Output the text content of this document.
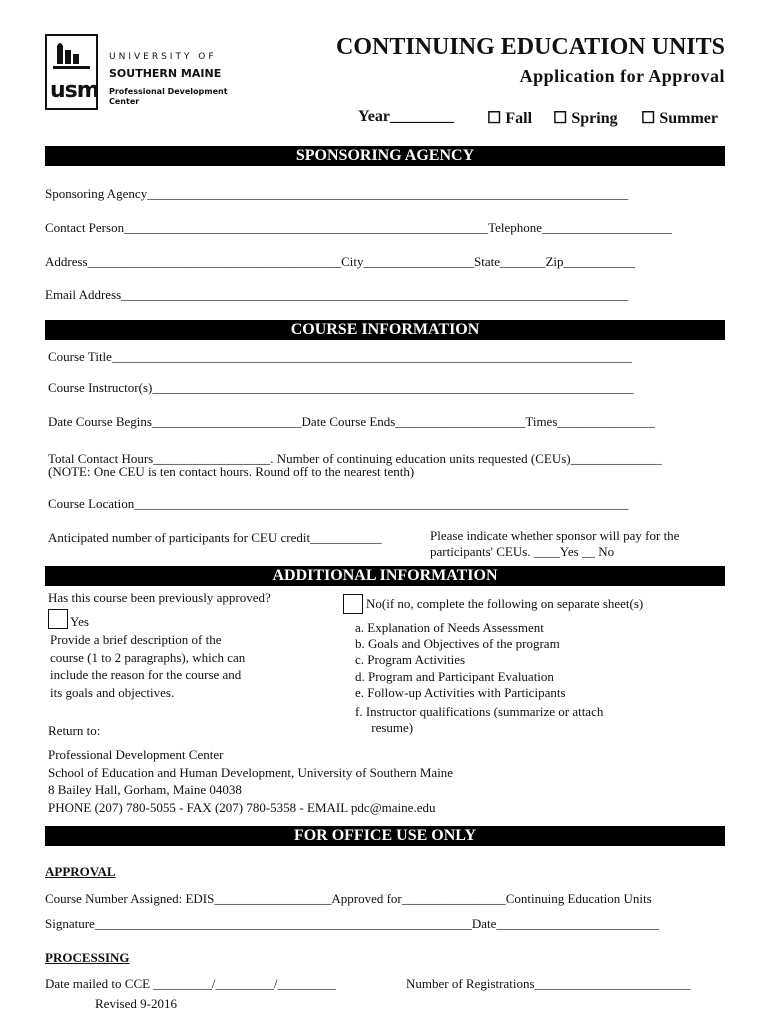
usm
UNIVERSITY OF
SOUTHERN MAINE
Professional Development
Center
CONTINUING EDUCATION UNITS
Application for Approval
Year________ ☐ Fall ☐ Spring ☐ Summer
SPONSORING AGENCY
Sponsoring Agency__________________________________________________________________________
Contact Person________________________________________________________Telephone____________________
Address_______________________________________City_________________State_______Zip___________
Email Address______________________________________________________________________________
COURSE INFORMATION
Course Title________________________________________________________________________________
Course Instructor(s)__________________________________________________________________________
Date Course Begins_______________________Date Course Ends____________________Times_______________
Total Contact Hours__________________. Number of continuing education units requested (CEUs)______________
(NOTE: One CEU is ten contact hours. Round off to the nearest tenth)
Course Location____________________________________________________________________________
Anticipated number of participants for CEU credit___________	Please indicate whether sponsor will pay for the
participants' CEUs. ____Yes __ No
ADDITIONAL INFORMATION
Has this course been previously approved?
Yes
No(if no, complete the following on separate sheet(s)
Provide a brief description of the
course (1 to 2 paragraphs), which can
include the reason for the course and
its goals and objectives.
a. Explanation of Needs Assessment
b. Goals and Objectives of the program
c. Program Activities
d. Program and Participant Evaluation
e. Follow-up Activities with Participants
f. Instructor qualifications (summarize or attach
resume)
Return to:
Professional Development Center
School of Education and Human Development, University of Southern Maine
8 Bailey Hall, Gorham, Maine 04038
PHONE (207) 780-5055 - FAX (207) 780-5358 - EMAIL pdc@maine.edu
FOR OFFICE USE ONLY
APPROVAL
Course Number Assigned: EDIS__________________Approved for________________Continuing Education Units
Signature__________________________________________________________Date_________________________
PROCESSING
Date mailed to CCE _________/_________/_________	Number of Registrations________________________
Revised 9-2016
